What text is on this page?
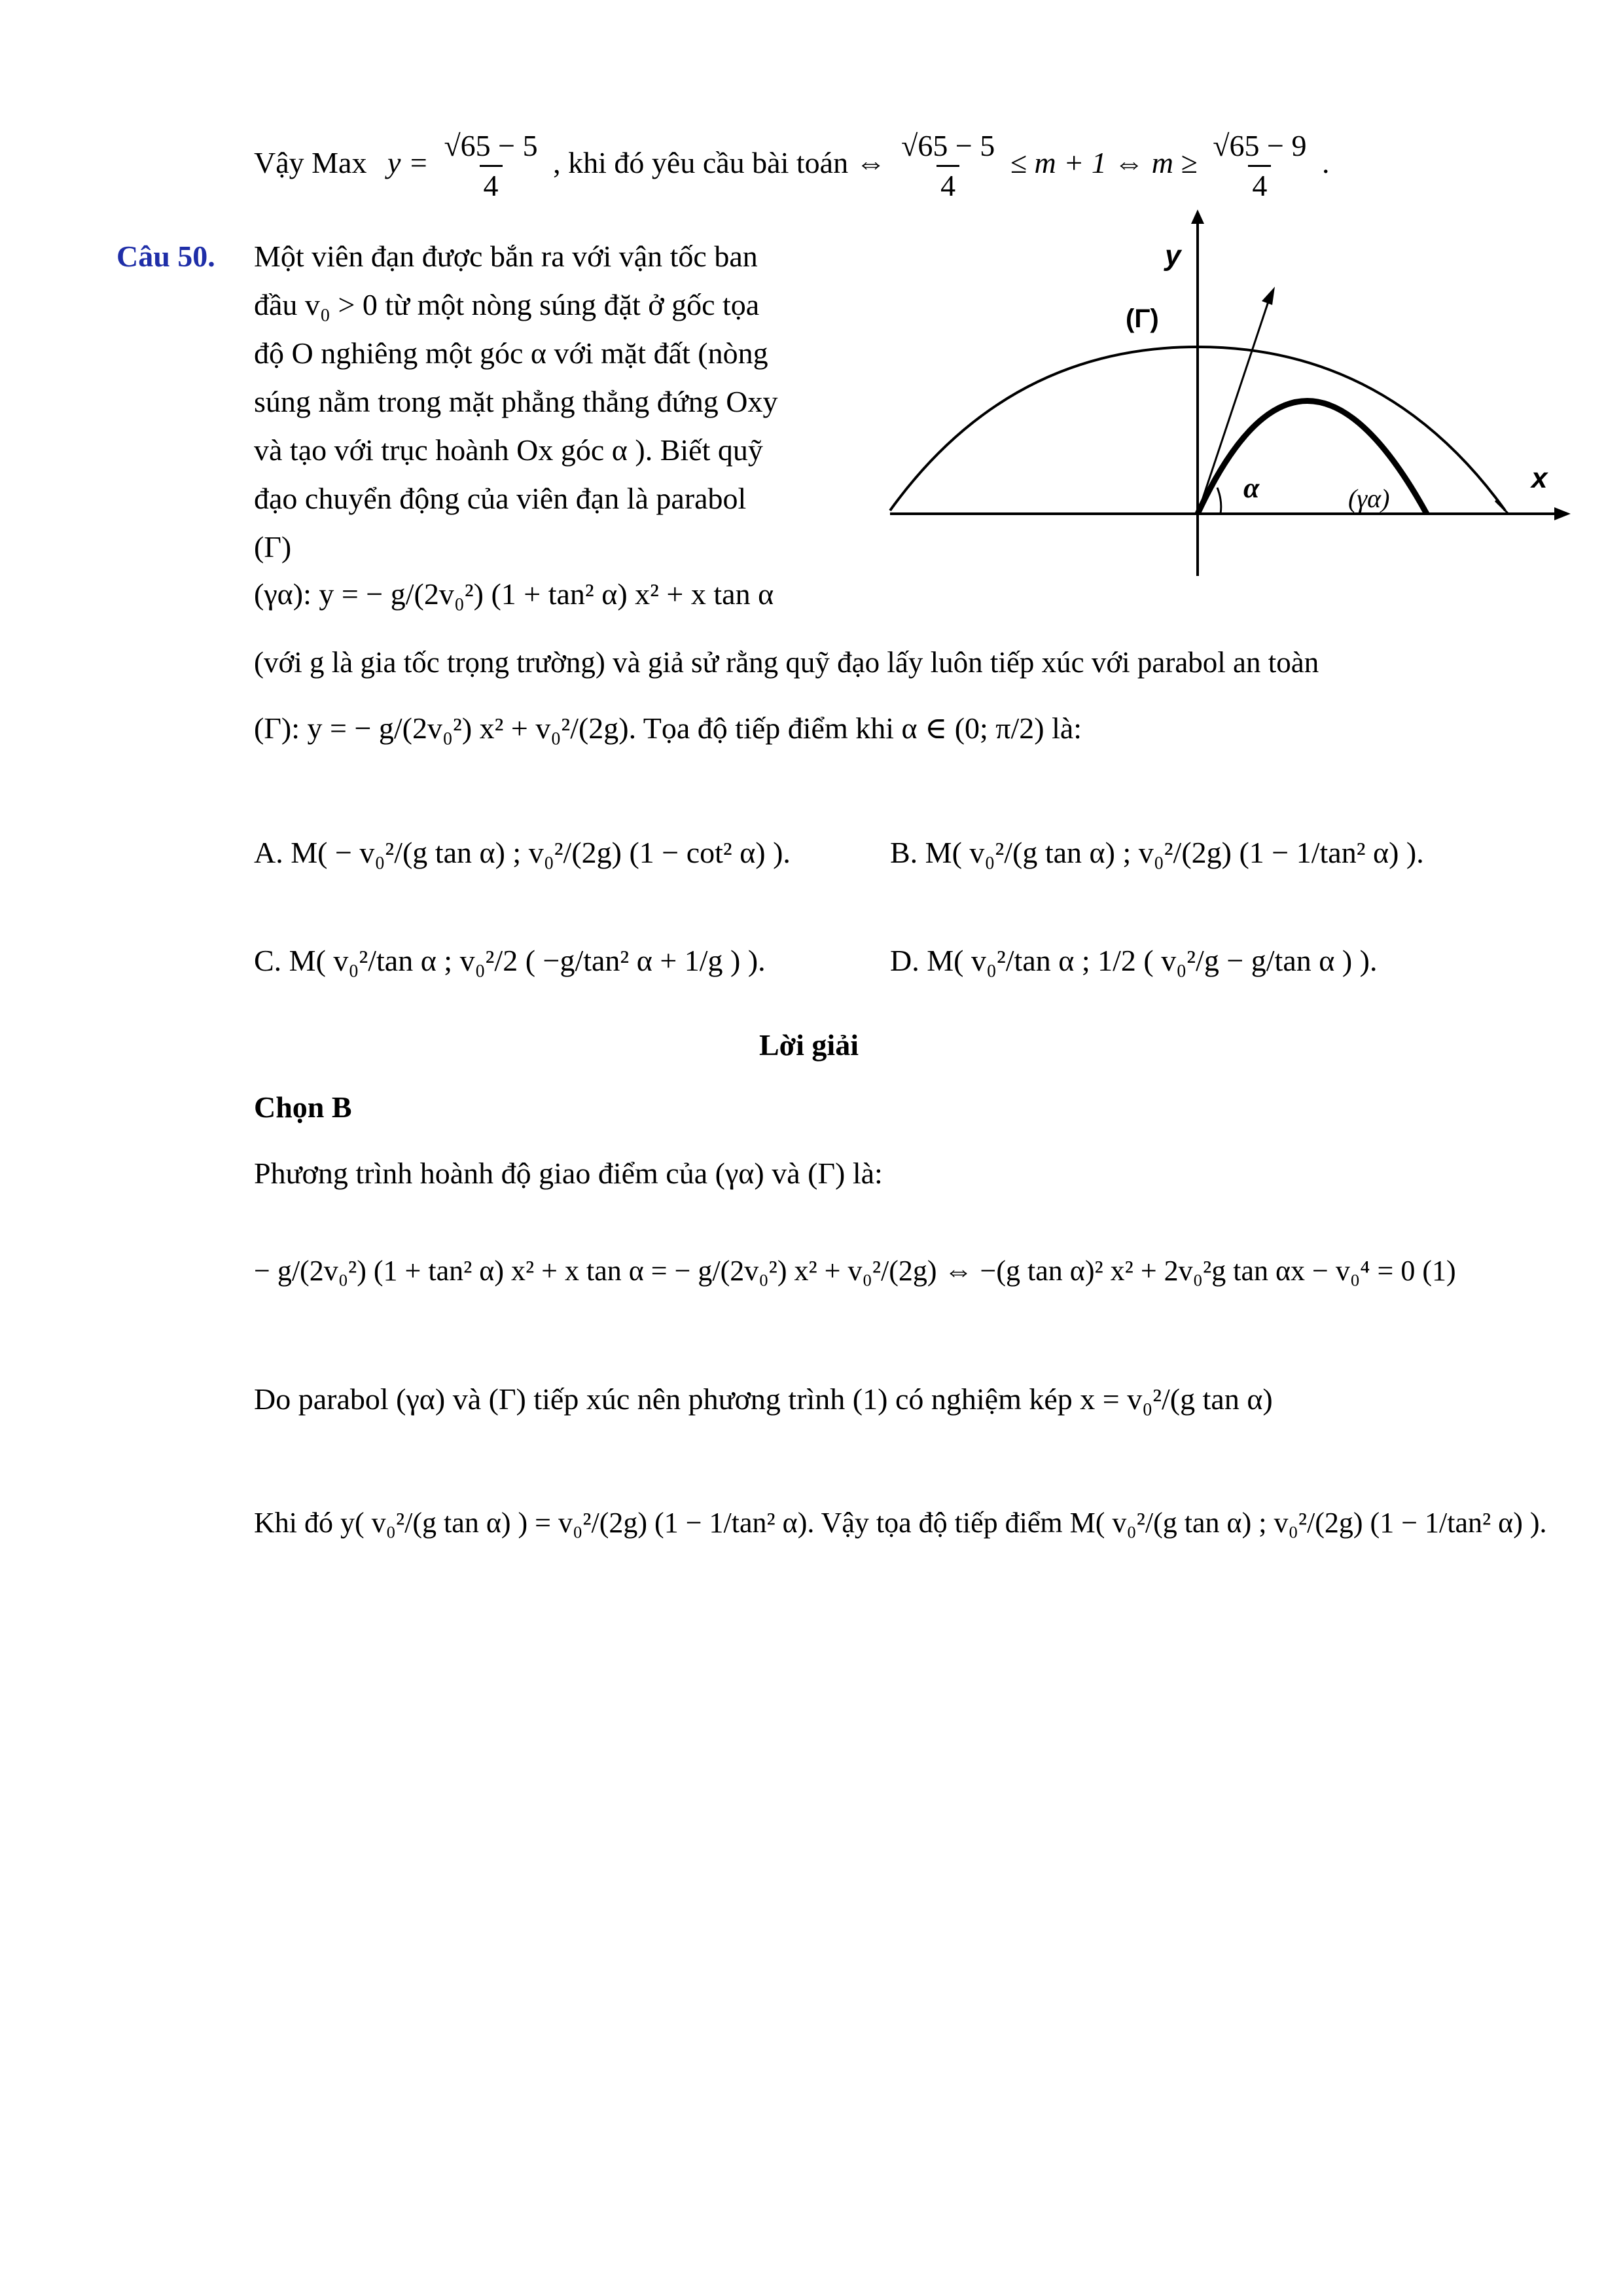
Vậy Max $y = \frac{√65 - 5}{4}$ , khi đó yêu cầu bài toán ⇔ $\frac{√65 - 5}{4} \le m + 1$ ⇔ $m \ge \frac{√65 - 9}{4}$ .
Câu 50. Một viên đạn được bắn ra với vận tốc ban
đầu v₀ > 0 từ một nòng súng đặt ở gốc tọa
độ O nghiêng một góc α với mặt đất (nòng
súng nằm trong mặt phẳng thẳng đứng Oxy
và tạo với trục hoành Ox góc α ). Biết quỹ
đạo chuyển động của viên đạn là parabol
(Γ)
(γα): y = − g/(2v₀²) (1 + tan² α) x² + x tan α
y
x
(Γ)
α	(γα)
(với g là gia tốc trọng trường) và giả sử rằng quỹ đạo lấy luôn tiếp xúc với parabol an toàn
(Γ): y = − g/(2v₀²) x² + v₀²/(2g). Tọa độ tiếp điểm khi α ∈ (0; π/2) là:
A. M( − v₀²/(g tan α) ; v₀²/(2g) (1 − cot² α) ).	B. M( v₀²/(g tan α) ; v₀²/(2g) (1 − 1/tan² α) ).
C. M( v₀²/tan α ; v₀²/2 ( −g/tan² α + 1/g ) ).	D. M( v₀²/tan α ; 1/2 ( v₀²/g − g/tan α ) ).
Lời giải
Chọn B
Phương trình hoành độ giao điểm của (γα) và (Γ) là:
− g/(2v₀²) (1 + tan² α) x² + x tan α = − g/(2v₀²) x² + v₀²/(2g) ⇔ −(g tan α)² x² + 2v₀²g tan αx − v₀⁴ = 0 (1)
Do parabol (γα) và (Γ) tiếp xúc nên phương trình (1) có nghiệm kép x = v₀²/(g tan α)
Khi đó y( v₀²/(g tan α) ) = v₀²/(2g) (1 − 1/tan² α). Vậy tọa độ tiếp điểm M( v₀²/(g tan α) ; v₀²/(2g) (1 − 1/tan² α) ).
